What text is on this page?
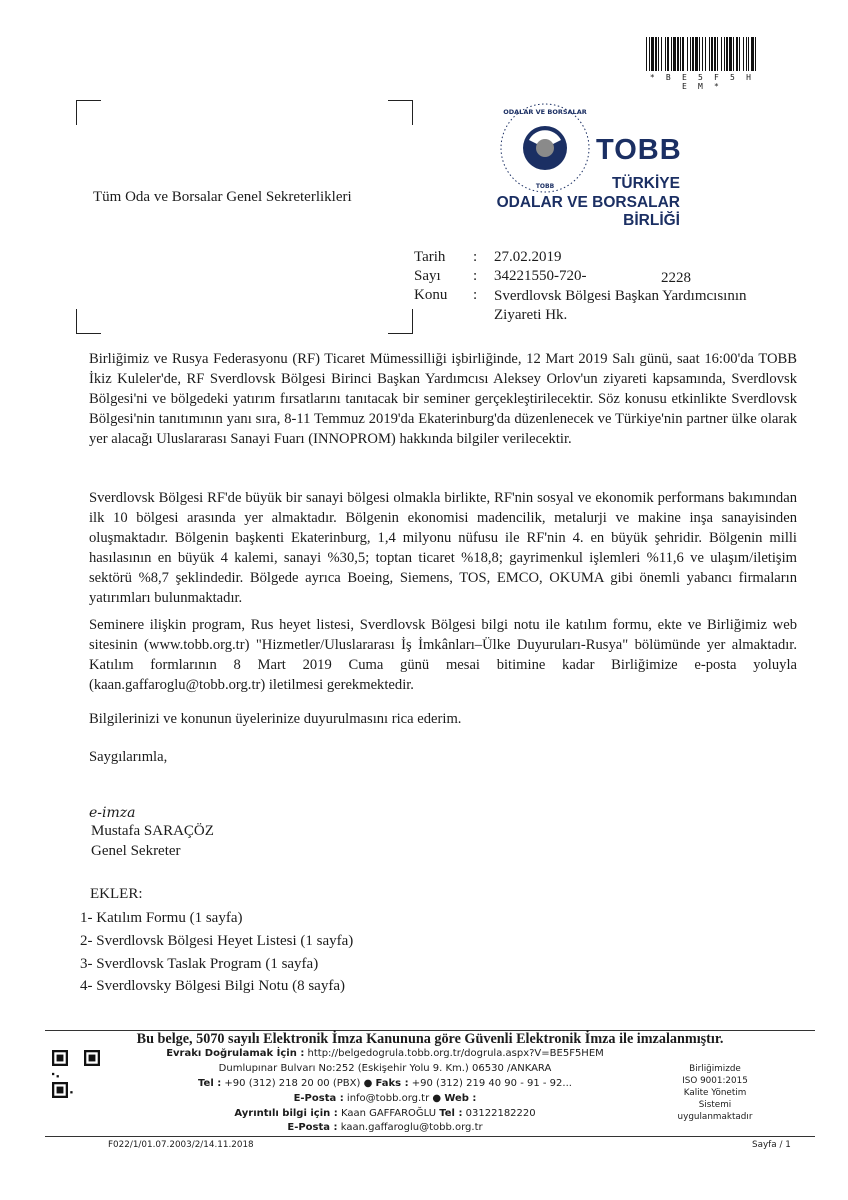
* B E 5 F 5 H E M *
Tüm Oda ve Borsalar Genel Sekreterlikleri
ODALAR VE BORSALAR
TOBB
TOBB
TÜRKİYE
ODALAR VE BORSALAR
BİRLİĞİ
Tarih : 27.02.2019
Sayı : 34221550-720-	2228
Konu : Sverdlovsk Bölgesi Başkan Yardımcısının Ziyareti Hk.
Birliğimiz ve Rusya Federasyonu (RF) Ticaret Mümessilliği işbirliğinde, 12 Mart 2019 Salı günü, saat 16:00'da TOBB İkiz Kuleler'de, RF Sverdlovsk Bölgesi Birinci Başkan Yardımcısı Aleksey Orlov'un ziyareti kapsamında, Sverdlovsk Bölgesi'ni ve bölgedeki yatırım fırsatlarını tanıtacak bir seminer gerçekleştirilecektir. Söz konusu etkinlikte Sverdlovsk Bölgesi'nin tanıtımının yanı sıra, 8-11 Temmuz 2019'da Ekaterinburg'da düzenlenecek ve Türkiye'nin partner ülke olarak yer alacağı Uluslararası Sanayi Fuarı (INNOPROM) hakkında bilgiler verilecektir.
Sverdlovsk Bölgesi RF'de büyük bir sanayi bölgesi olmakla birlikte, RF'nin sosyal ve ekonomik performans bakımından ilk 10 bölgesi arasında yer almaktadır. Bölgenin ekonomisi madencilik, metalurji ve makine inşa sanayisinden oluşmaktadır. Bölgenin başkenti Ekaterinburg, 1,4 milyonu nüfusu ile RF'nin 4. en büyük şehridir. Bölgenin milli hasılasının en büyük 4 kalemi, sanayi %30,5; toptan ticaret %18,8; gayrimenkul işlemleri %11,6 ve ulaşım/iletişim sektörü %8,7 şeklindedir. Bölgede ayrıca Boeing, Siemens, TOS, EMCO, OKUMA gibi önemli yabancı firmaların yatırımları bulunmaktadır.
Seminere ilişkin program, Rus heyet listesi, Sverdlovsk Bölgesi bilgi notu ile katılım formu, ekte ve Birliğimiz web sitesinin (www.tobb.org.tr) "Hizmetler/Uluslararası İş İmkânları–Ülke Duyuruları-Rusya" bölümünde yer almaktadır. Katılım formlarının 8 Mart 2019 Cuma günü mesai bitimine kadar Birliğimize e-posta yoluyla (kaan.gaffaroglu@tobb.org.tr) iletilmesi gerekmektedir.
Bilgilerinizi ve konunun üyelerinize duyurulmasını rica ederim.
Saygılarımla,
e-imza
Mustafa SARAÇÖZ
Genel Sekreter
EKLER:
1- Katılım Formu (1 sayfa)
2- Sverdlovsk Bölgesi Heyet Listesi (1 sayfa)
3- Sverdlovsk Taslak Program (1 sayfa)
4- Sverdlovsky Bölgesi Bilgi Notu (8 sayfa)
Bu belge, 5070 sayılı Elektronik İmza Kanununa göre Güvenli Elektronik İmza ile imzalanmıştır.
Evrakı Doğrulamak İçin : http://belgedogrula.tobb.org.tr/dogrula.aspx?V=BE5F5HEM
Dumlupınar Bulvarı No:252 (Eskişehir Yolu 9. Km.) 06530 /ANKARA
Tel : +90 (312) 218 20 00 (PBX) ● Faks : +90 (312) 219 40 90 - 91 - 92...
E-Posta : info@tobb.org.tr ● Web :
Ayrıntılı bilgi için : Kaan GAFFAROĞLU Tel : 03122182220
E-Posta : kaan.gaffaroglu@tobb.org.tr
Birliğimizde
ISO 9001:2015
Kalite Yönetim
Sistemi
uygulanmaktadır
F022/1/01.07.2003/2/14.11.2018	Sayfa / 1
